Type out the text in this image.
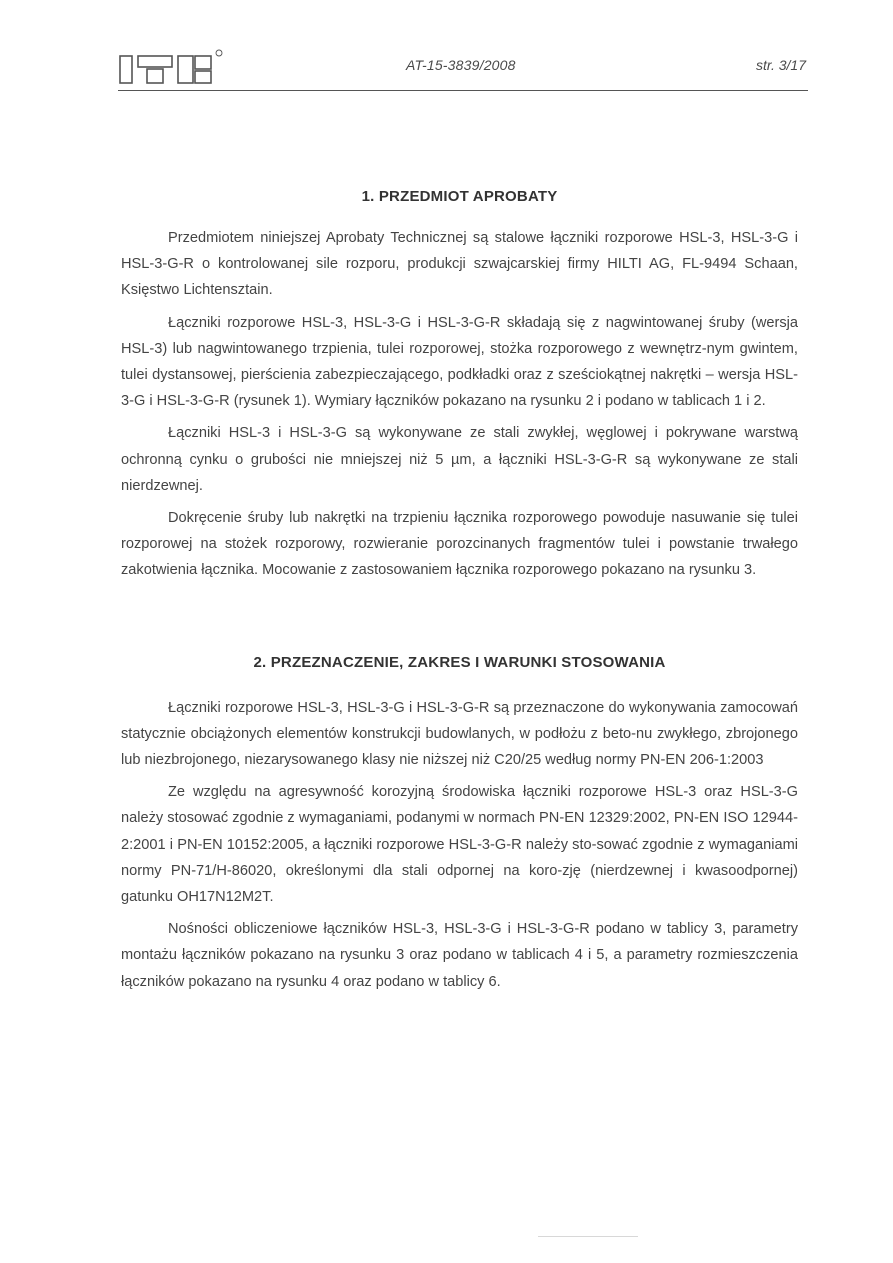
AT-15-3839/2008	str. 3/17
1. PRZEDMIOT APROBATY

Przedmiotem niniejszej Aprobaty Technicznej są stalowe łączniki rozporowe HSL-3, HSL-3-G i HSL-3-G-R o kontrolowanej sile rozporu, produkcji szwajcarskiej firmy HILTI AG, FL-9494 Schaan, Księstwo Lichtensztain.

Łączniki rozporowe HSL-3, HSL-3-G i HSL-3-G-R składają się z nagwintowanej śruby (wersja HSL-3) lub nagwintowanego trzpienia, tulei rozporowej, stożka rozporowego z wewnętrz-nym gwintem, tulei dystansowej, pierścienia zabezpieczającego, podkładki oraz z sześciokątnej nakrętki – wersja HSL-3-G i HSL-3-G-R (rysunek 1). Wymiary łączników pokazano na rysunku 2 i podano w tablicach 1 i 2.

Łączniki HSL-3 i HSL-3-G są wykonywane ze stali zwykłej, węglowej i pokrywane warstwą ochronną cynku o grubości nie mniejszej niż 5 µm, a łączniki HSL-3-G-R są wykonywane ze stali nierdzewnej.

Dokręcenie śruby lub nakrętki na trzpieniu łącznika rozporowego powoduje nasuwanie się tulei rozporowej na stożek rozporowy, rozwieranie porozcinanych fragmentów tulei i powstanie trwałego zakotwienia łącznika. Mocowanie z zastosowaniem łącznika rozporowego pokazano na rysunku 3.

2. PRZEZNACZENIE, ZAKRES I WARUNKI STOSOWANIA

Łączniki rozporowe HSL-3, HSL-3-G i HSL-3-G-R są przeznaczone do wykonywania zamocowań statycznie obciążonych elementów konstrukcji budowlanych, w podłożu z beto-nu zwykłego, zbrojonego lub niezbrojonego, niezarysowanego klasy nie niższej niż C20/25 według normy PN-EN 206-1:2003

Ze względu na agresywność korozyjną środowiska łączniki rozporowe HSL-3 oraz HSL-3-G należy stosować zgodnie z wymaganiami, podanymi w normach PN-EN 12329:2002, PN-EN ISO 12944-2:2001 i PN-EN 10152:2005, a łączniki rozporowe HSL-3-G-R należy sto-sować zgodnie z wymaganiami normy PN-71/H-86020, określonymi dla stali odpornej na koro-zję (nierdzewnej i kwasoodpornej) gatunku OH17N12M2T.

Nośności obliczeniowe łączników HSL-3, HSL-3-G i HSL-3-G-R podano w tablicy 3, parametry montażu łączników pokazano na rysunku 3 oraz podano w tablicach 4 i 5, a parametry rozmieszczenia łączników pokazano na rysunku 4 oraz podano w tablicy 6.
